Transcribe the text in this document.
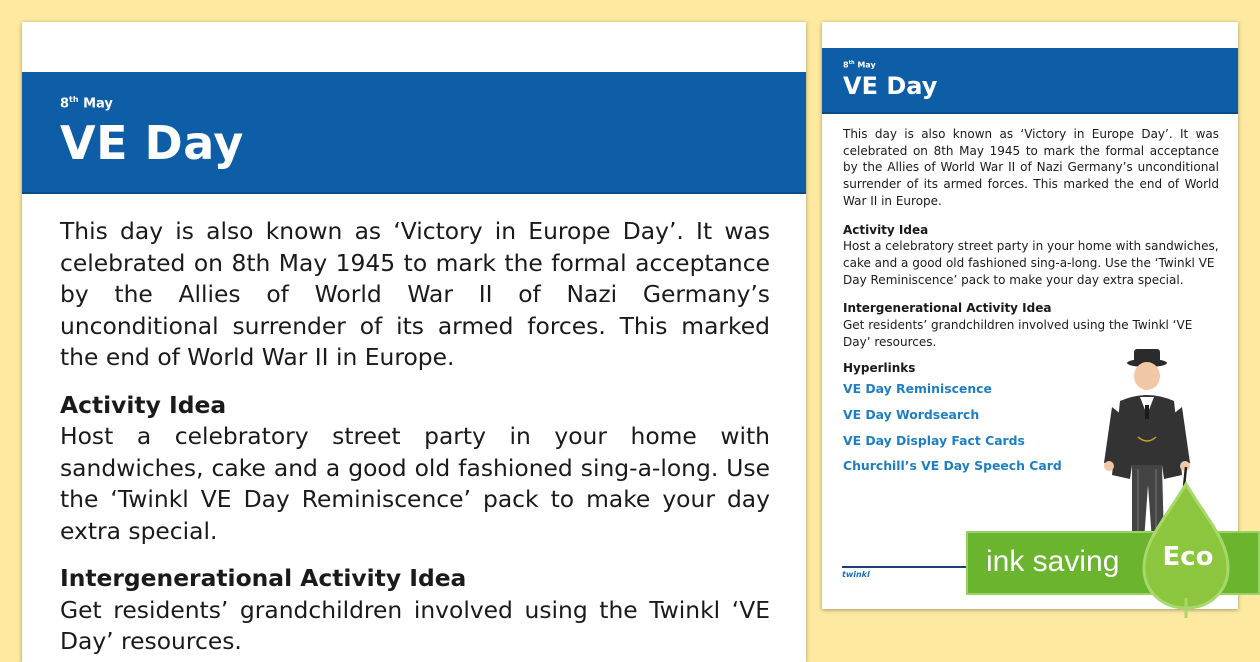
8th May
VE Day

This day is also known as ‘Victory in Europe Day’. It was celebrated on 8th May 1945 to mark the formal acceptance by the Allies of World War II of Nazi Germany’s unconditional surrender of its armed forces. This marked the end of World War II in Europe.

Activity Idea

Host a celebratory street party in your home with sandwiches, cake and a good old fashioned sing-a-long. Use the ‘Twinkl VE Day Reminiscence’ pack to make your day extra special.

Intergenerational Activity Idea

Get residents’ grandchildren involved using the Twinkl ‘VE Day’ resources.

8th May
VE Day

This day is also known as ‘Victory in Europe Day’. It was celebrated on 8th May 1945 to mark the formal acceptance by the Allies of World War II of Nazi Germany’s unconditional surrender of its armed forces. This marked the end of World War II in Europe.

Activity Idea

Host a celebratory street party in your home with sandwiches, cake and a good old fashioned sing-a-long. Use the ‘Twinkl VE Day Reminiscence’ pack to make your day extra special.

Intergenerational Activity Idea

Get residents’ grandchildren involved using the Twinkl ‘VE Day’ resources.

Hyperlinks
VE Day Reminiscence
VE Day Wordsearch
VE Day Display Fact Cards
Churchill’s VE Day Speech Card
twinkl	ink saving Eco
